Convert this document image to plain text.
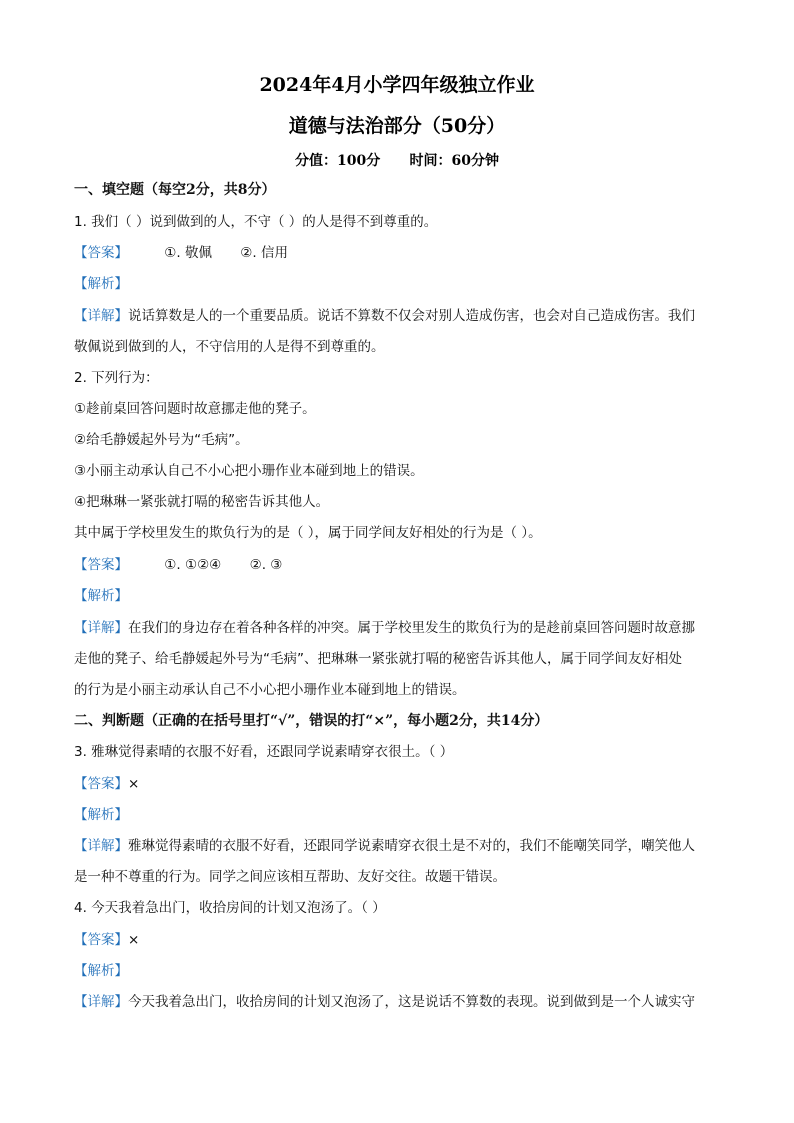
2024年4月小学四年级独立作业
道德与法治部分（50分）
分值：100分      时间：60分钟
一、填空题（每空2分，共8分）
1. 我们（ ）说到做到的人，不守（ ）的人是得不到尊重的。
【答案】	①. 敬佩 ②. 信用
【解析】
【详解】说话算数是人的一个重要品质。说话不算数不仅会对别人造成伤害，也会对自己造成伤害。我们
敬佩说到做到的人，不守信用的人是得不到尊重的。
2. 下列行为：
①趁前桌回答问题时故意挪走他的凳子。
②给毛静媛起外号为“毛病”。
③小丽主动承认自己不小心把小珊作业本碰到地上的错误。
④把琳琳一紧张就打嗝的秘密告诉其他人。
其中属于学校里发生的欺负行为的是（ ），属于同学间友好相处的行为是（ ）。
【答案】	①. ①②④ ②. ③
【解析】
【详解】在我们的身边存在着各种各样的冲突。属于学校里发生的欺负行为的是趁前桌回答问题时故意挪
走他的凳子、给毛静媛起外号为“毛病”、把琳琳一紧张就打嗝的秘密告诉其他人，属于同学间友好相处
的行为是小丽主动承认自己不小心把小珊作业本碰到地上的错误。
二、判断题（正确的在括号里打“√”，错误的打“×”，每小题2分，共14分）
3. 雅琳觉得素晴的衣服不好看，还跟同学说素晴穿衣很土。（ ）
【答案】×
【解析】
【详解】雅琳觉得素晴的衣服不好看，还跟同学说素晴穿衣很土是不对的，我们不能嘲笑同学，嘲笑他人
是一种不尊重的行为。同学之间应该相互帮助、友好交往。故题干错误。
4. 今天我着急出门，收拾房间的计划又泡汤了。（ ）
【答案】×
【解析】
【详解】今天我着急出门，收拾房间的计划又泡汤了，这是说话不算数的表现。说到做到是一个人诚实守
